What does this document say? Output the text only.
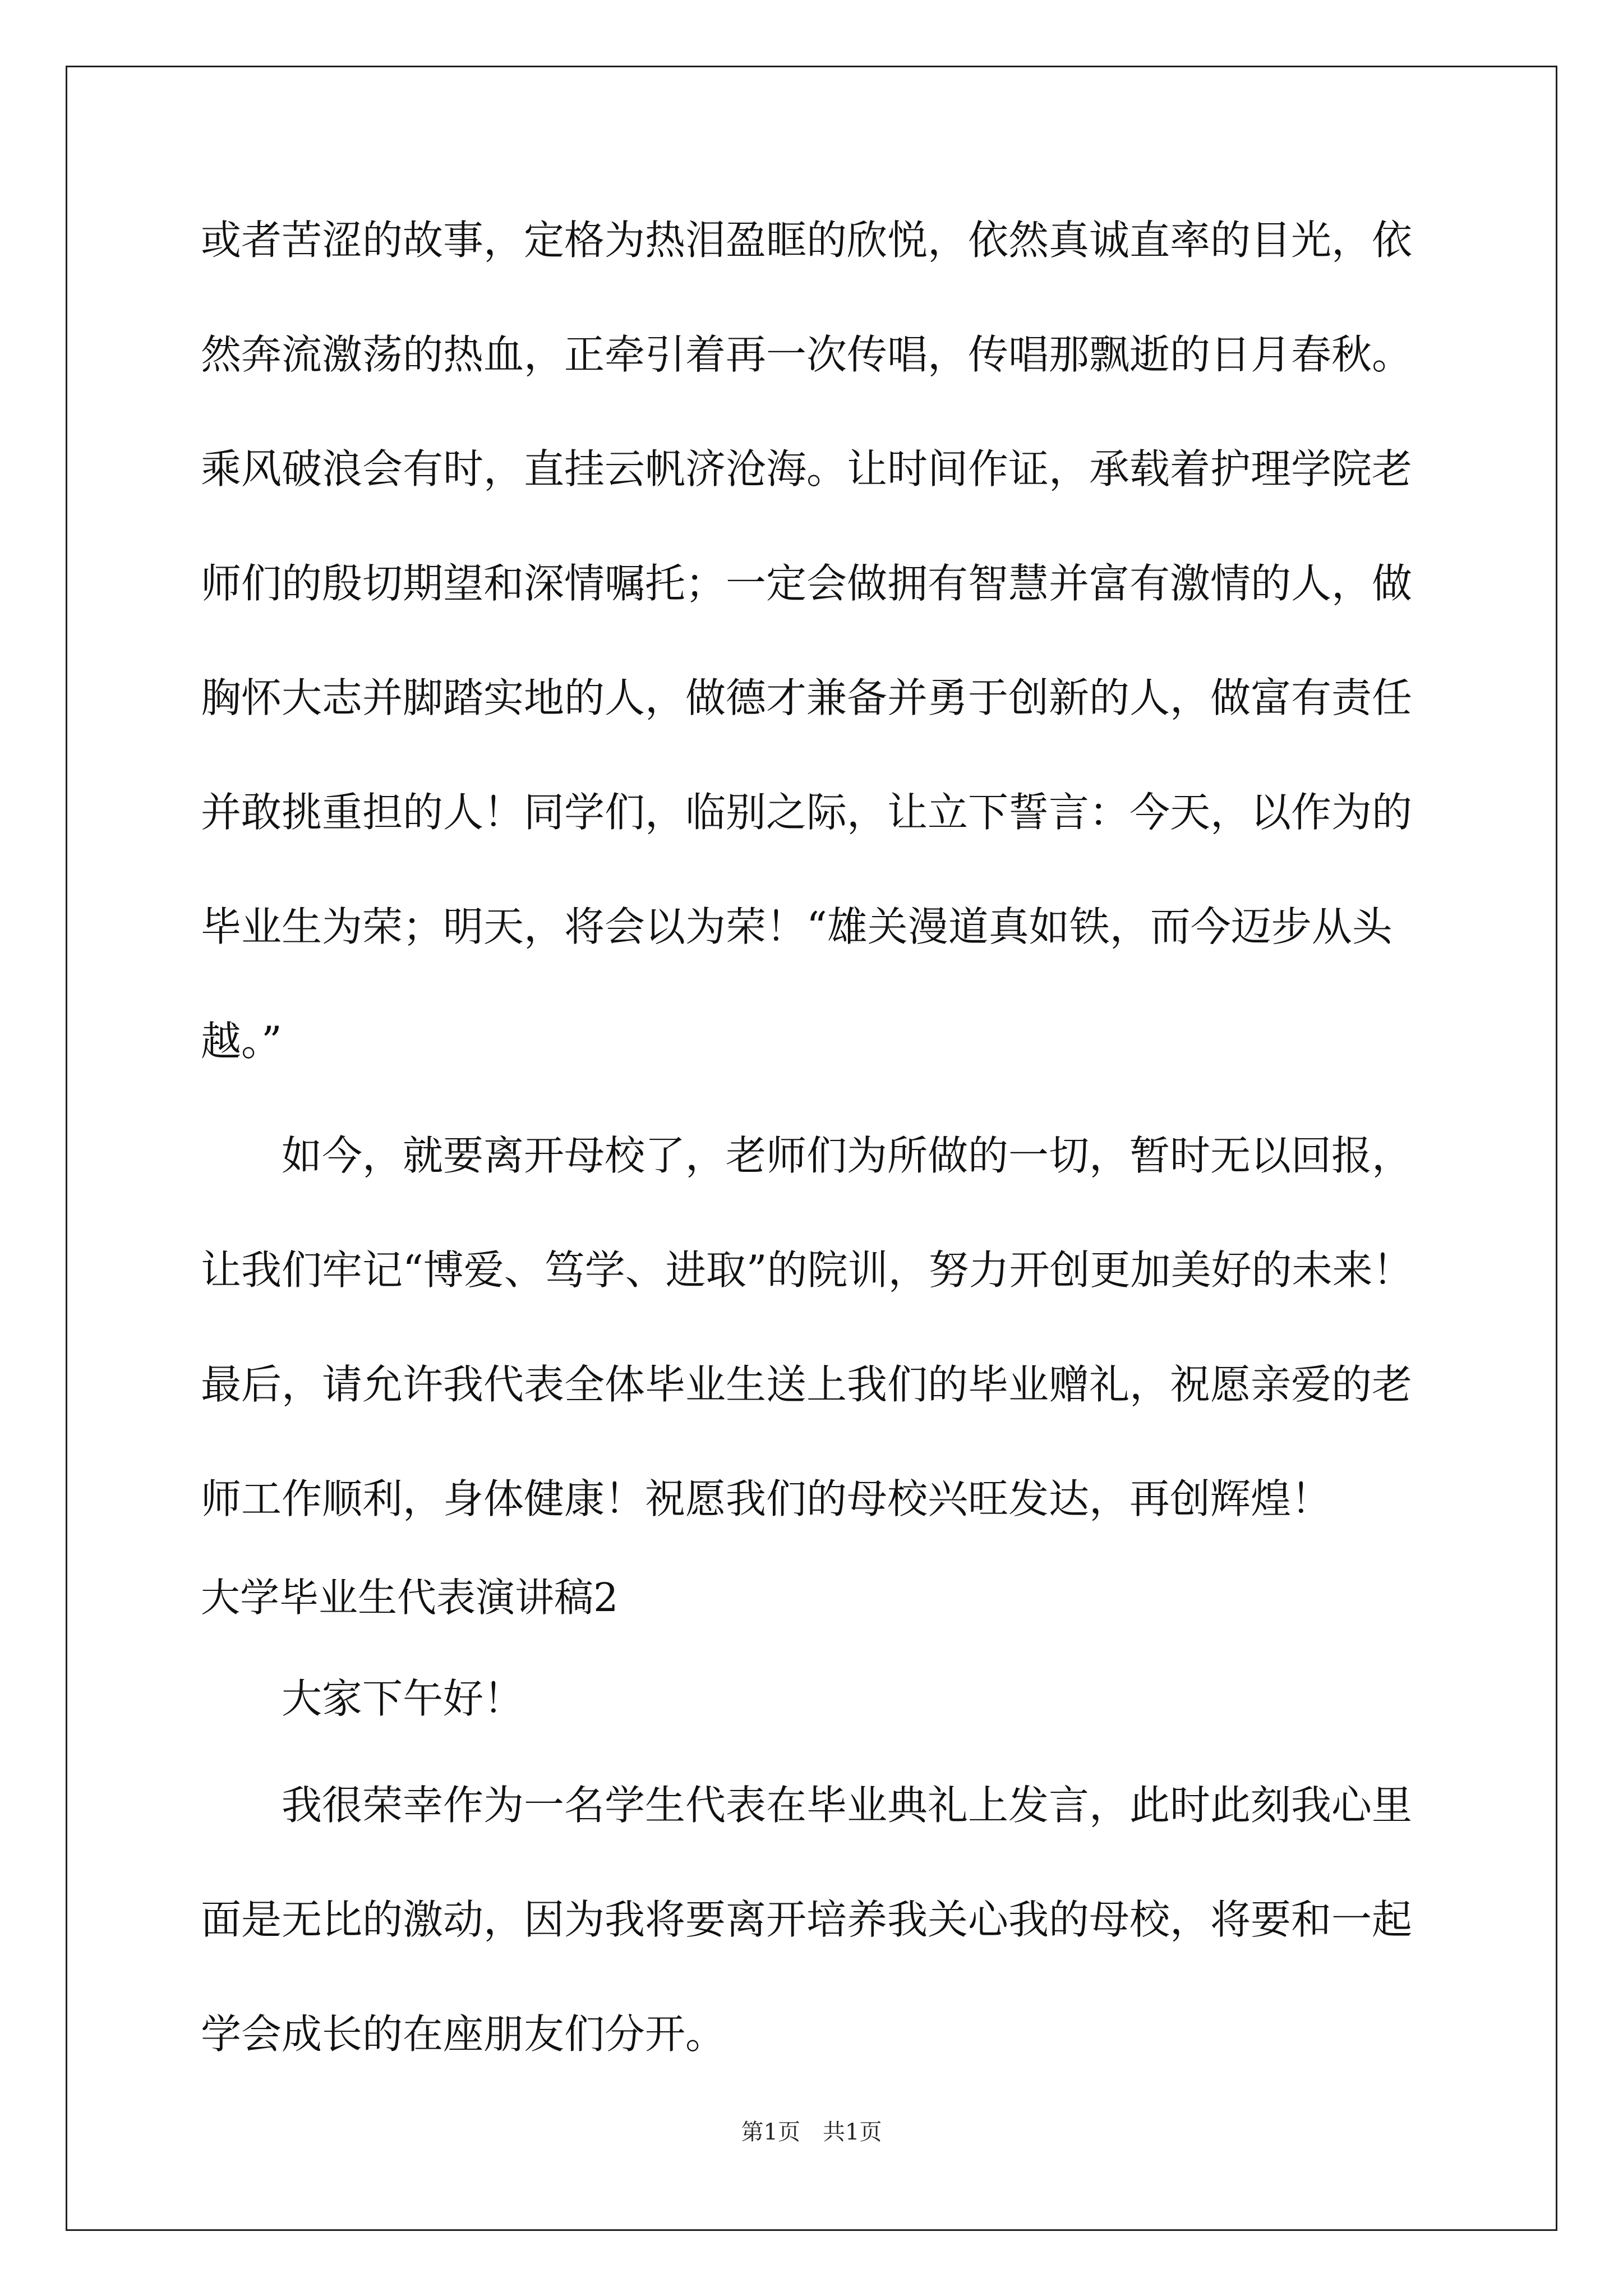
或者苦涩的故事，定格为热泪盈眶的欣悦，依然真诚直率的目光，依
然奔流激荡的热血，正牵引着再一次传唱，传唱那飘逝的日月春秋。
乘风破浪会有时，直挂云帆济沧海。让时间作证，承载着护理学院老
师们的殷切期望和深情嘱托；一定会做拥有智慧并富有激情的人，做
胸怀大志并脚踏实地的人，做德才兼备并勇于创新的人，做富有责任
并敢挑重担的人！同学们，临别之际，让立下誓言：今天，以作为的
毕业生为荣；明天，将会以为荣！“雄关漫道真如铁，而今迈步从头
越。”
如今，就要离开母校了，老师们为所做的一切，暂时无以回报，
让我们牢记“博爱、笃学、进取”的院训，努力开创更加美好的未来！
最后，请允许我代表全体毕业生送上我们的毕业赠礼，祝愿亲爱的老
师工作顺利，身体健康！祝愿我们的母校兴旺发达，再创辉煌！
大学毕业生代表演讲稿2
大家下午好！
我很荣幸作为一名学生代表在毕业典礼上发言，此时此刻我心里
面是无比的激动，因为我将要离开培养我关心我的母校，将要和一起
学会成长的在座朋友们分开。
第1页　共1页
